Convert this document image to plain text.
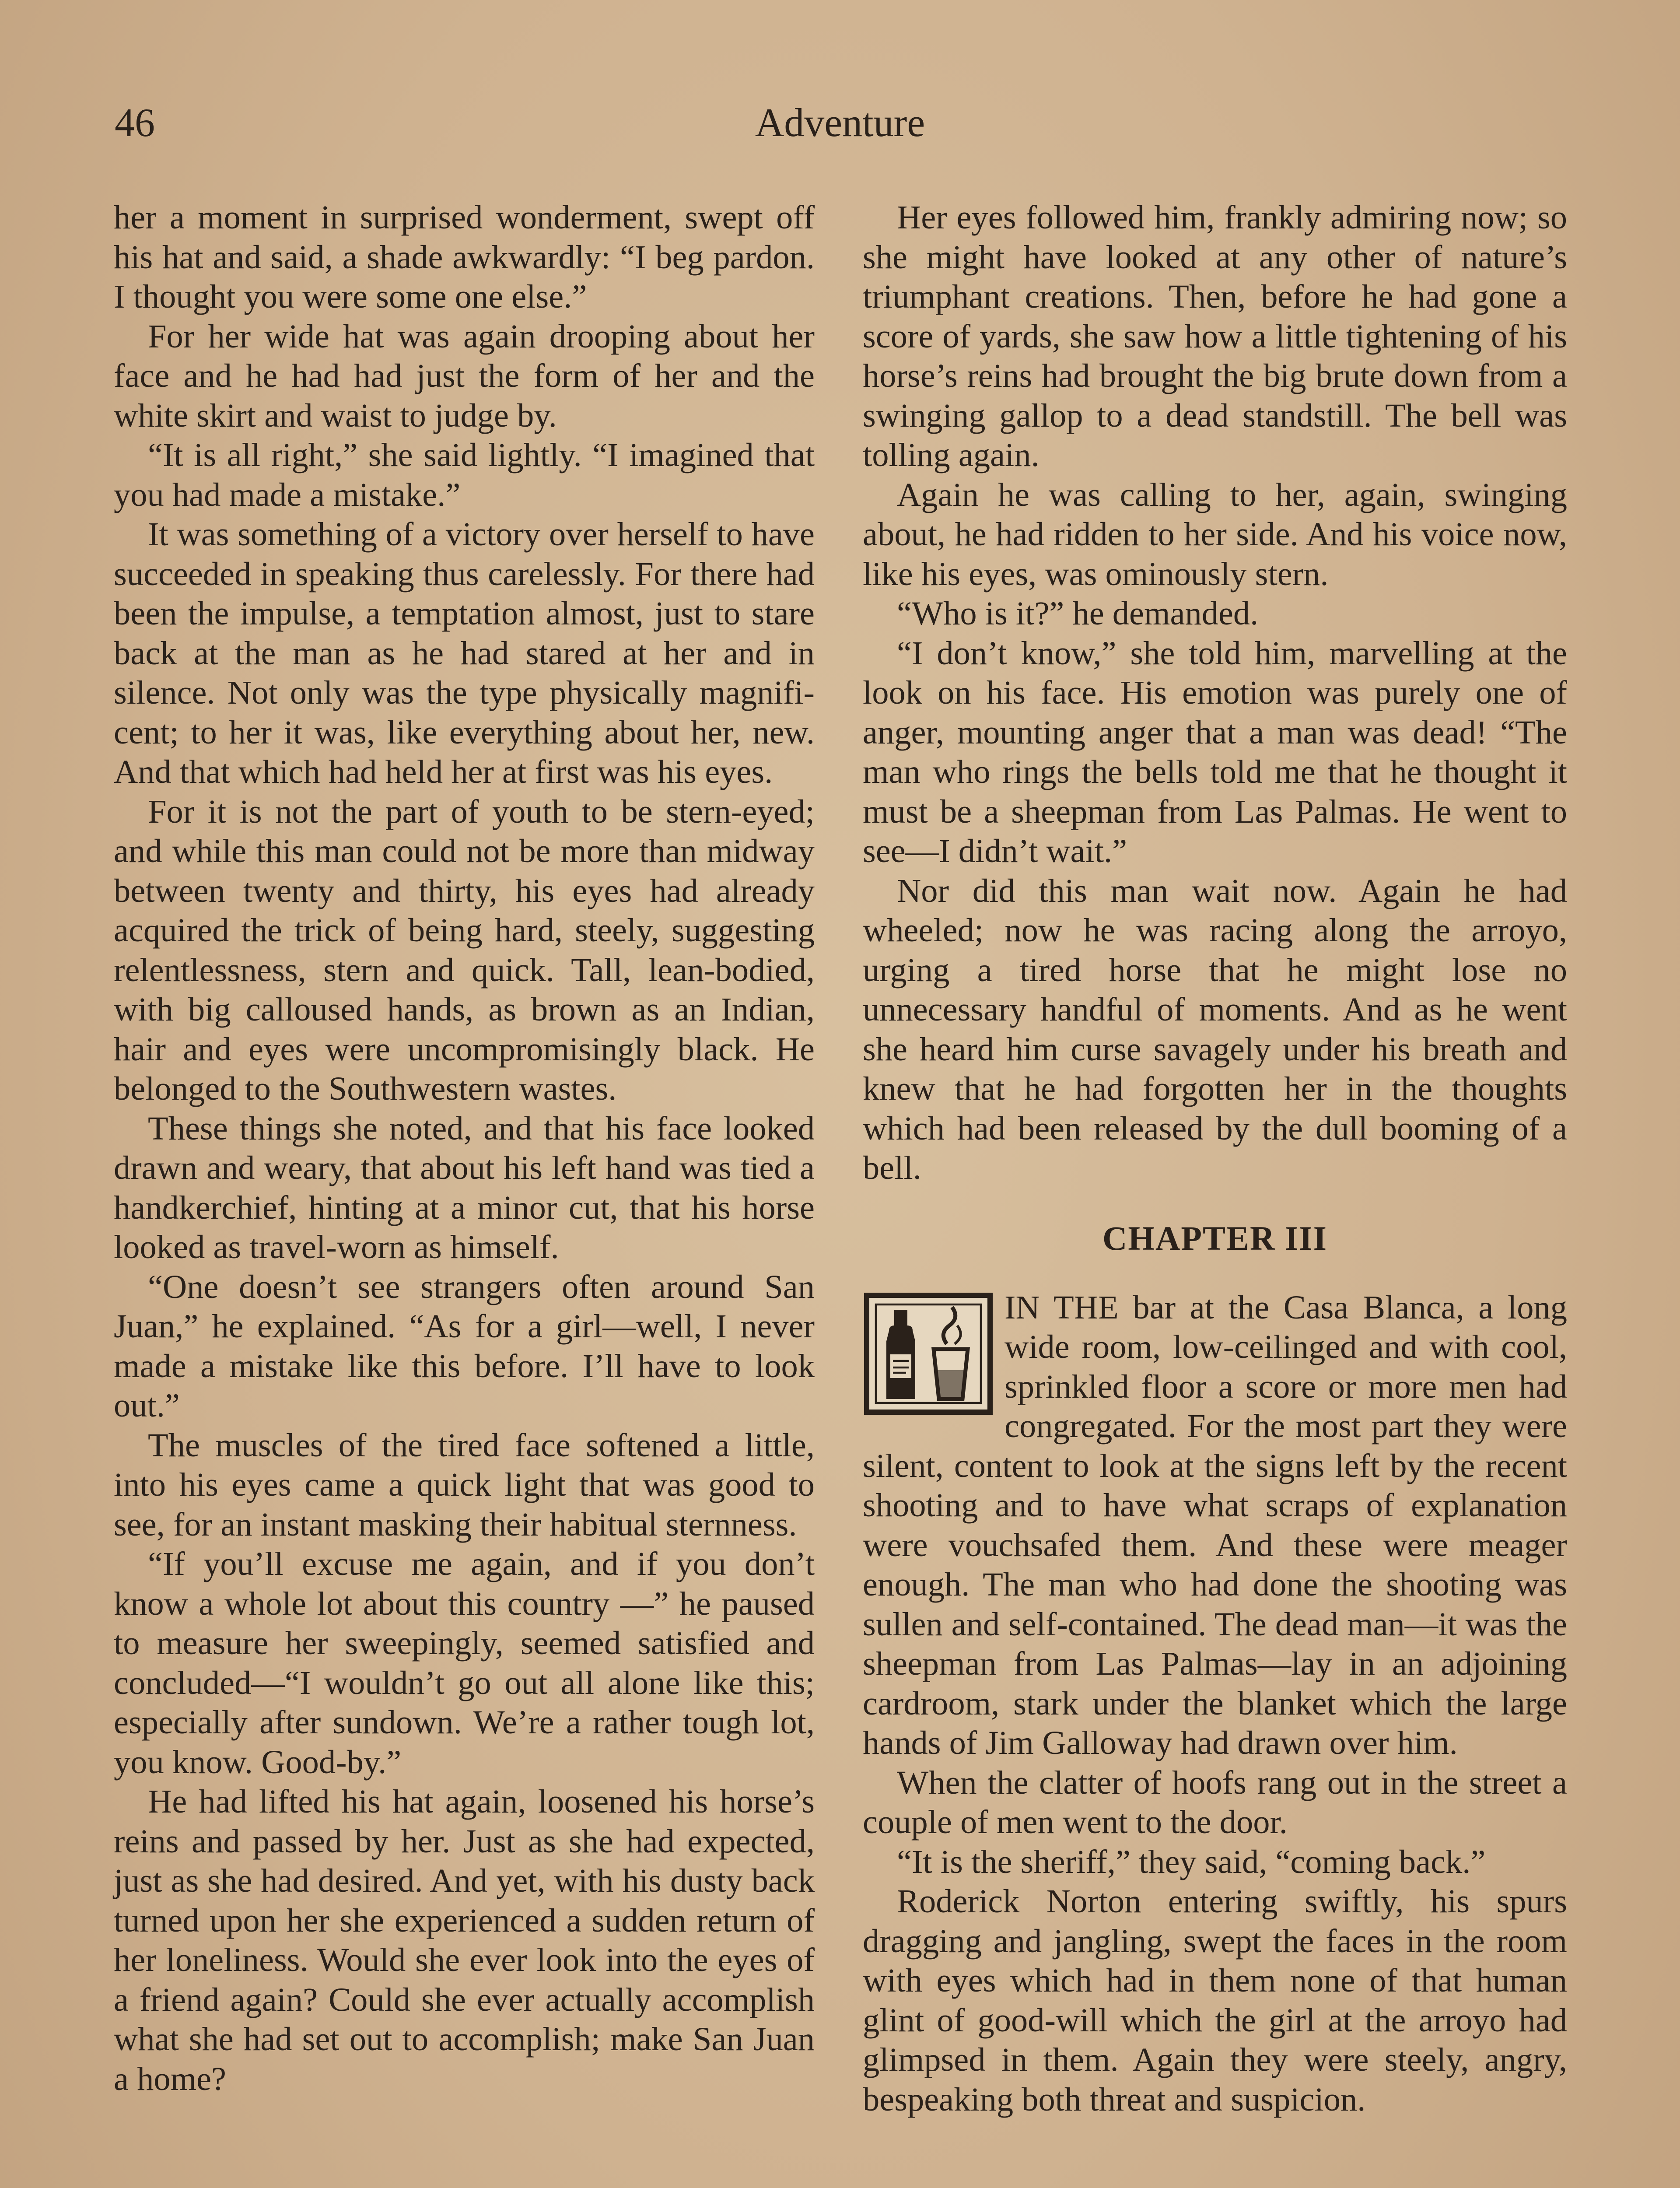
46	Adventure

her a moment in surprised wonderment, swept off his hat and said, a shade awkwardly: “I beg pardon. I thought you were some one else.”

For her wide hat was again drooping about her face and he had had just the form of her and the white skirt and waist to judge by.

“It is all right,” she said lightly. “I imagined that you had made a mistake.”

It was something of a victory over herself to have succeeded in speaking thus carelessly. For there had been the impulse, a temptation almost, just to stare back at the man as he had stared at her and in silence. Not only was the type physically magnificent; to her it was, like everything about her, new. And that which had held her at first was his eyes.

For it is not the part of youth to be stern-eyed; and while this man could not be more than midway between twenty and thirty, his eyes had already acquired the trick of being hard, steely, suggesting relentlessness, stern and quick. Tall, lean-bodied, with big calloused hands, as brown as an Indian, hair and eyes were uncompromisingly black. He belonged to the Southwestern wastes.

These things she noted, and that his face looked drawn and weary, that about his left hand was tied a handkerchief, hinting at a minor cut, that his horse looked as travel-worn as himself.

“One doesn’t see strangers often around San Juan,” he explained. “As for a girl—well, I never made a mistake like this before. I’ll have to look out.”

The muscles of the tired face softened a little, into his eyes came a quick light that was good to see, for an instant masking their habitual sternness.

“If you’ll excuse me again, and if you don’t know a whole lot about this country —” he paused to measure her sweepingly, seemed satisfied and concluded—“I wouldn’t go out all alone like this; especially after sundown. We’re a rather tough lot, you know. Good-by.”

He had lifted his hat again, loosened his horse’s reins and passed by her. Just as she had expected, just as she had desired. And yet, with his dusty back turned upon her she experienced a sudden return of her loneliness. Would she ever look into the eyes of a friend again? Could she ever actually accomplish what she had set out to accomplish; make San Juan a home?

Her eyes followed him, frankly admiring now; so she might have looked at any other of nature’s triumphant creations. Then, before he had gone a score of yards, she saw how a little tightening of his horse’s reins had brought the big brute down from a swinging gallop to a dead standstill. The bell was tolling again.

Again he was calling to her, again, swinging about, he had ridden to her side. And his voice now, like his eyes, was ominously stern.

“Who is it?” he demanded.

“I don’t know,” she told him, marvelling at the look on his face. His emotion was purely one of anger, mounting anger that a man was dead! “The man who rings the bells told me that he thought it must be a sheepman from Las Palmas. He went to see—I didn’t wait.”

Nor did this man wait now. Again he had wheeled; now he was racing along the arroyo, urging a tired horse that he might lose no unnecessary handful of moments. And as he went she heard him curse savagely under his breath and knew that he had forgotten her in the thoughts which had been released by the dull booming of a bell.

CHAPTER III

IN THE bar at the Casa Blanca, a long wide room, low-ceilinged and with cool, sprinkled floor a score or more men had congregated. For the most part they were silent, content to look at the signs left by the recent shooting and to have what scraps of explanation were vouchsafed them. And these were meager enough. The man who had done the shooting was sullen and self-contained. The dead man—it was the sheepman from Las Palmas—lay in an adjoining cardroom, stark under the blanket which the large hands of Jim Galloway had drawn over him.

When the clatter of hoofs rang out in the street a couple of men went to the door.

“It is the sheriff,” they said, “coming back.”

Roderick Norton entering swiftly, his spurs dragging and jangling, swept the faces in the room with eyes which had in them none of that human glint of good-will which the girl at the arroyo had glimpsed in them. Again they were steely, angry, bespeaking both threat and suspicion.
